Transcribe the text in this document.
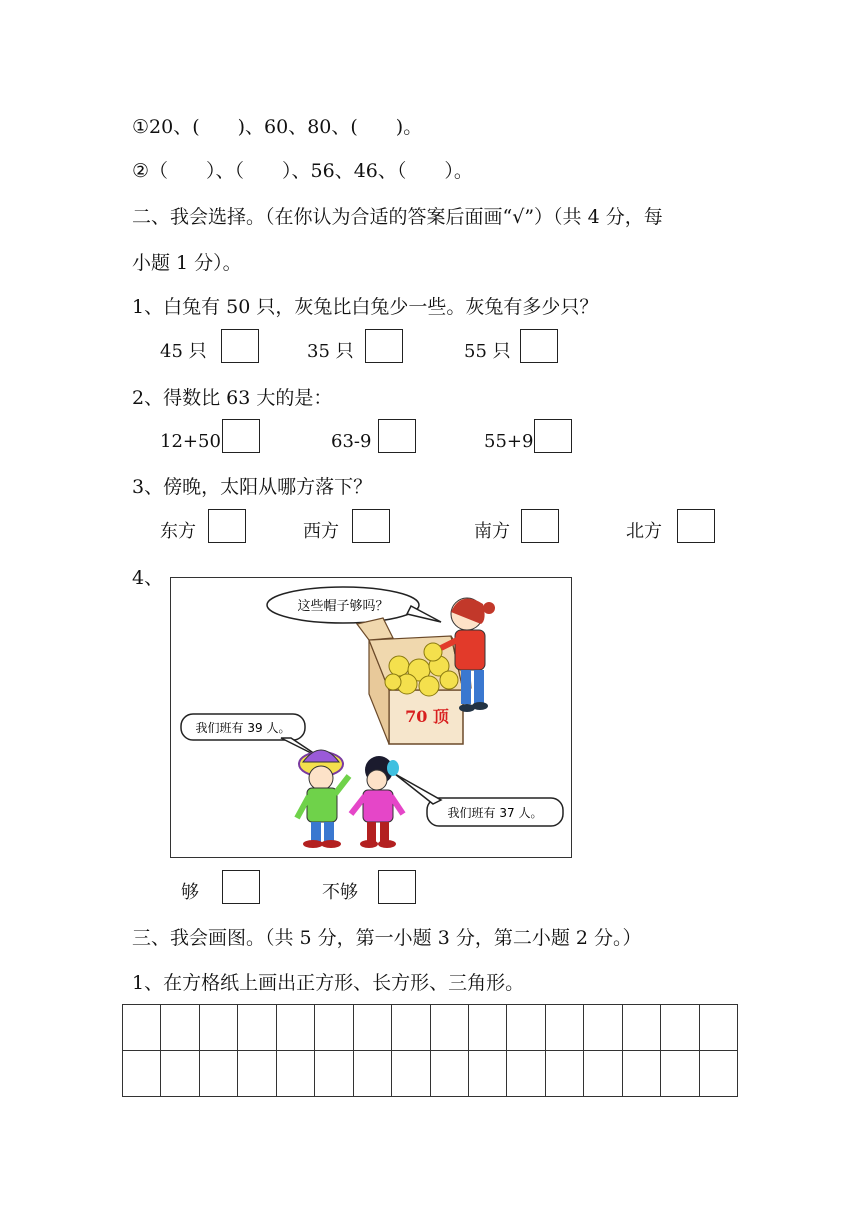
①20、(　　)、60、80、(　　)。
②（　　）、（　　）、56、46、（　　）。
二、我会选择。（在你认为合适的答案后面画“√”）（共 4 分，每
小题 1 分）。
1、白兔有 50 只，灰兔比白兔少一些。灰兔有多少只？
45 只	35 只	55 只
2、得数比 63 大的是：
12+50	63-9	55+9
3、傍晚，太阳从哪方落下？
东方	西方	南方	北方
4、
这些帽子够吗？
70 顶
我们班有 39 人。
我们班有 37 人。
够	不够
三、我会画图。（共 5 分，第一小题 3 分，第二小题 2 分。）
1、在方格纸上画出正方形、长方形、三角形。
